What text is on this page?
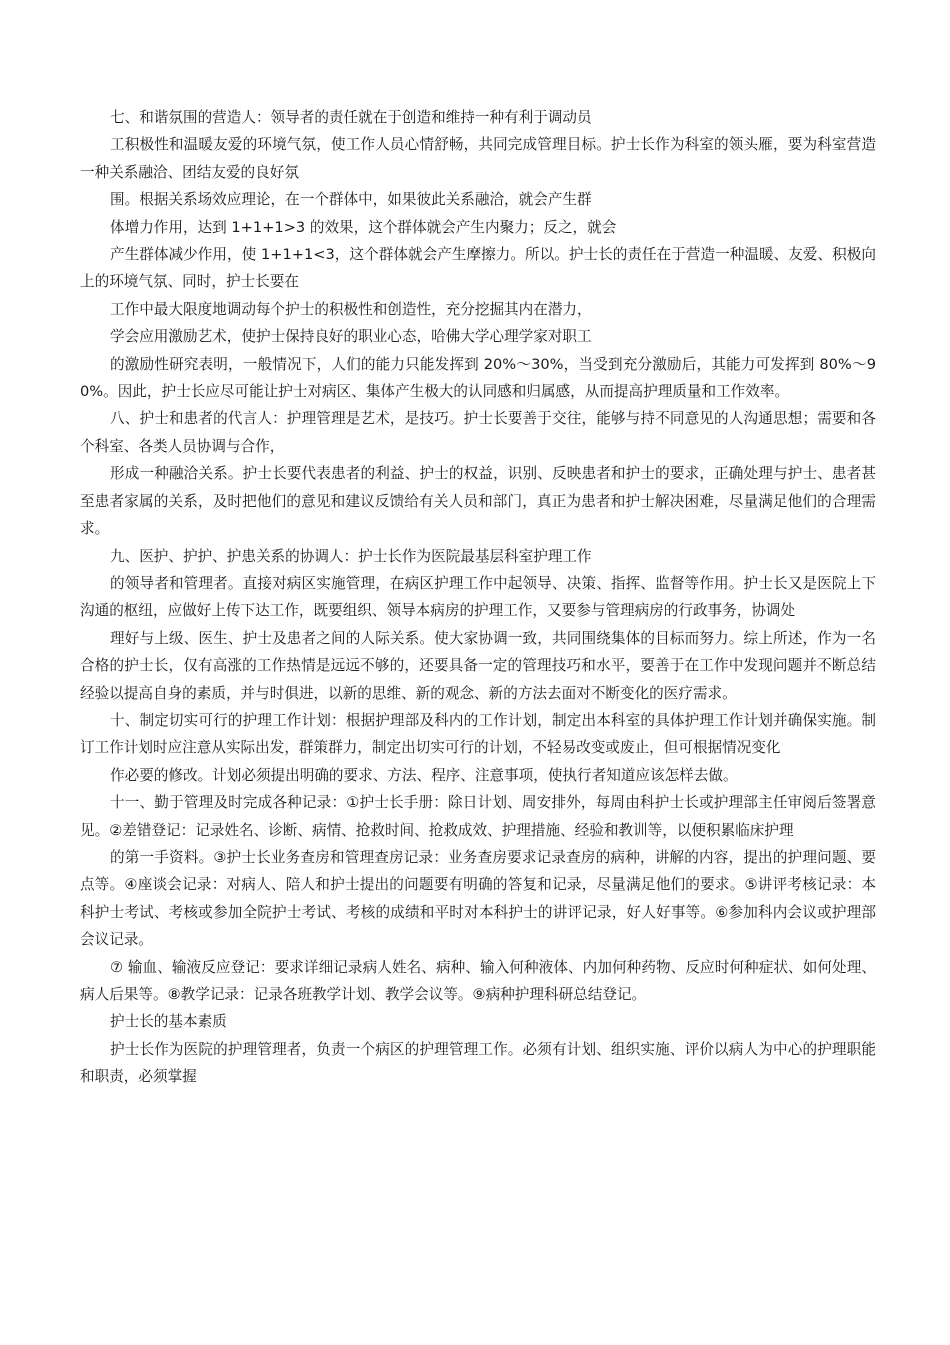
七、和谐氛围的营造人：领导者的责任就在于创造和维持一种有利于调动员

工积极性和温暖友爱的环境气氛，使工作人员心情舒畅，共同完成管理目标。护士长作为科室的领头雁，要为科室营造一种关系融洽、团结友爱的良好氛

围。根据关系场效应理论，在一个群体中，如果彼此关系融洽，就会产生群

体增力作用，达到 1+1+1>3 的效果，这个群体就会产生内聚力；反之，就会

产生群体减少作用，使 1+1+1<3，这个群体就会产生摩擦力。所以。护士长的责任在于营造一种温暖、友爱、积极向上的环境气氛、同时，护士长要在

工作中最大限度地调动每个护士的积极性和创造性，充分挖掘其内在潜力，

学会应用激励艺术，使护士保持良好的职业心态，哈佛大学心理学家对职工

的激励性研究表明，一般情况下，人们的能力只能发挥到 20%～30%，当受到充分激励后，其能力可发挥到 80%～90%。因此，护士长应尽可能让护士对病区、集体产生极大的认同感和归属感，从而提高护理质量和工作效率。

八、护士和患者的代言人：护理管理是艺术，是技巧。护士长要善于交往，能够与持不同意见的人沟通思想；需要和各个科室、各类人员协调与合作，

形成一种融洽关系。护士长要代表患者的利益、护士的权益，识别、反映患者和护士的要求，正确处理与护士、患者甚至患者家属的关系，及时把他们的意见和建议反馈给有关人员和部门，真正为患者和护士解决困难，尽量满足他们的合理需求。

九、医护、护护、护患关系的协调人：护士长作为医院最基层科室护理工作

的领导者和管理者。直接对病区实施管理，在病区护理工作中起领导、决策、指挥、监督等作用。护士长又是医院上下沟通的枢纽，应做好上传下达工作，既要组织、领导本病房的护理工作，又要参与管理病房的行政事务，协调处

理好与上级、医生、护士及患者之间的人际关系。使大家协调一致，共同围绕集体的目标而努力。综上所述，作为一名合格的护士长，仅有高涨的工作热情是远远不够的，还要具备一定的管理技巧和水平，要善于在工作中发现问题并不断总结经验以提高自身的素质，并与时俱进，以新的思维、新的观念、新的方法去面对不断变化的医疗需求。

十、制定切实可行的护理工作计划：根据护理部及科内的工作计划，制定出本科室的具体护理工作计划并确保实施。制订工作计划时应注意从实际出发，群策群力，制定出切实可行的计划，不轻易改变或废止，但可根据情况变化

作必要的修改。计划必须提出明确的要求、方法、程序、注意事项，使执行者知道应该怎样去做。

十一、勤于管理及时完成各种记录：①护士长手册：除日计划、周安排外，每周由科护士长或护理部主任审阅后签署意见。②差错登记：记录姓名、诊断、病情、抢救时间、抢救成效、护理措施、经验和教训等，以便积累临床护理

的第一手资料。③护士长业务查房和管理查房记录：业务查房要求记录查房的病种，讲解的内容，提出的护理问题、要点等。④座谈会记录：对病人、陪人和护士提出的问题要有明确的答复和记录，尽量满足他们的要求。⑤讲评考核记录：本科护士考试、考核或参加全院护士考试、考核的成绩和平时对本科护士的讲评记录，好人好事等。⑥参加科内会议或护理部会议记录。

⑦ 输血、输液反应登记：要求详细记录病人姓名、病种、输入何种液体、内加何种药物、反应时何种症状、如何处理、病人后果等。⑧教学记录：记录各班教学计划、教学会议等。⑨病种护理科研总结登记。

护士长的基本素质

护士长作为医院的护理管理者，负责一个病区的护理管理工作。必须有计划、组织实施、评价以病人为中心的护理职能和职责，必须掌握
